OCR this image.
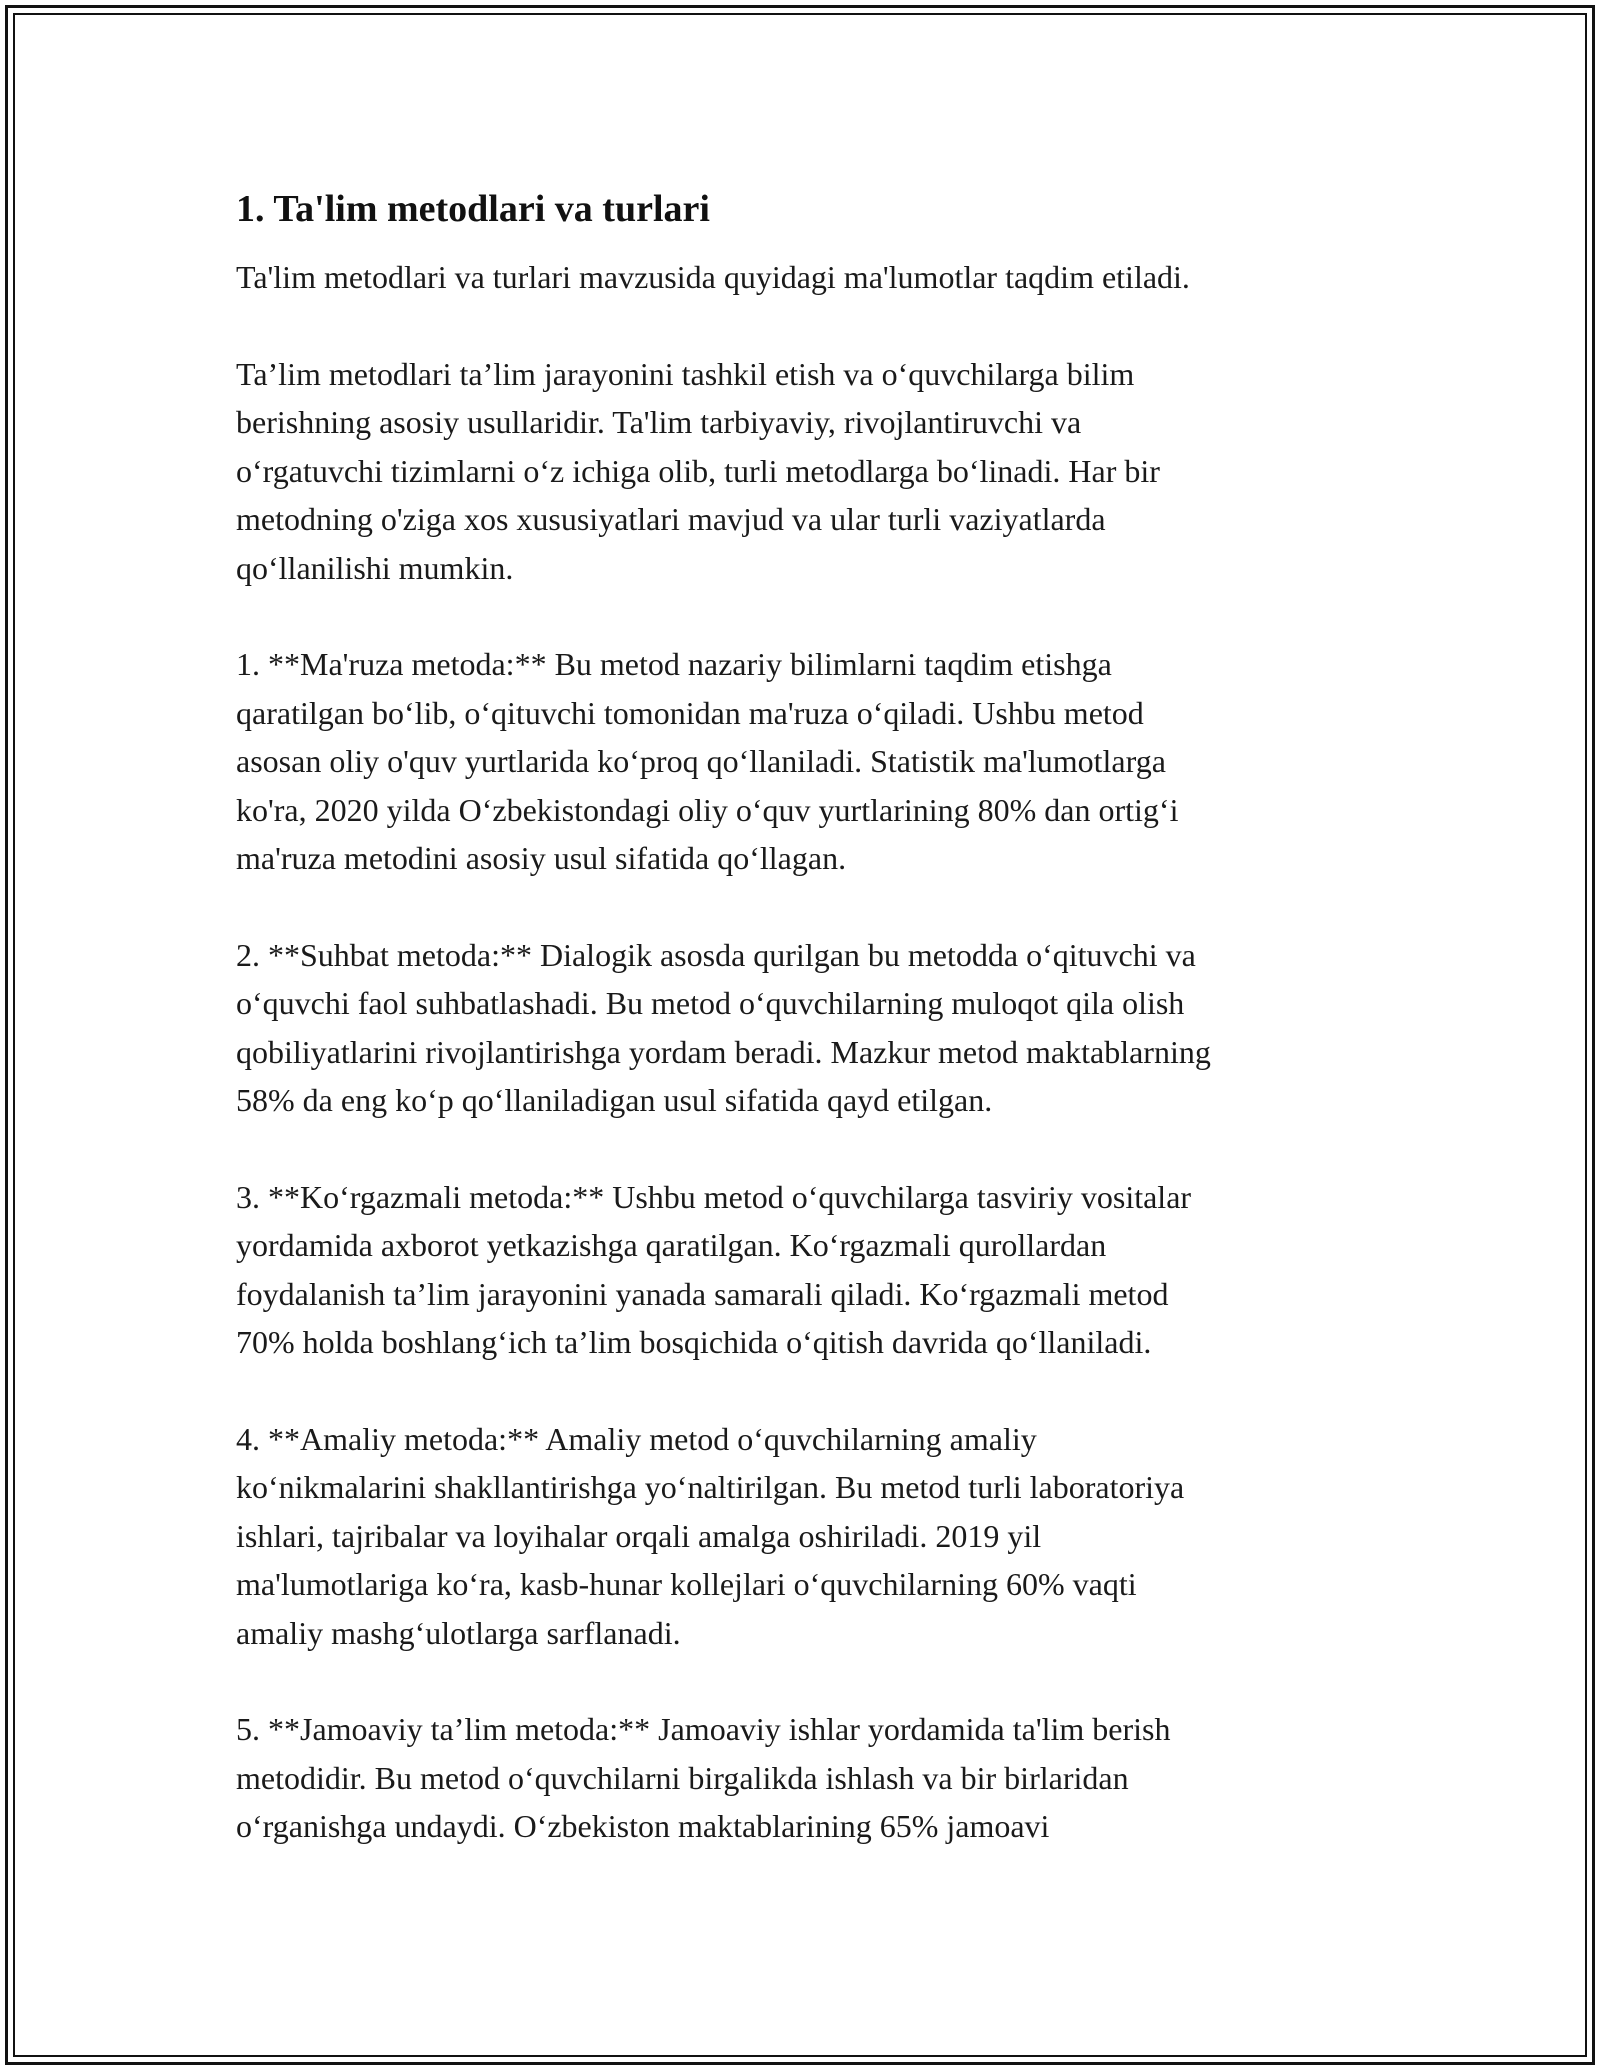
1. Ta'lim metodlari va turlari

Ta'lim metodlari va turlari mavzusida quyidagi ma'lumotlar taqdim etiladi.

Ta’lim metodlari ta’lim jarayonini tashkil etish va o‘quvchilarga bilim
berishning asosiy usullaridir. Ta'lim tarbiyaviy, rivojlantiruvchi va
o‘rgatuvchi tizimlarni o‘z ichiga olib, turli metodlarga bo‘linadi. Har bir
metodning o'ziga xos xususiyatlari mavjud va ular turli vaziyatlarda
qo‘llanilishi mumkin.

1. **Ma'ruza metoda:** Bu metod nazariy bilimlarni taqdim etishga
qaratilgan bo‘lib, o‘qituvchi tomonidan ma'ruza o‘qiladi. Ushbu metod
asosan oliy o'quv yurtlarida ko‘proq qo‘llaniladi. Statistik ma'lumotlarga
ko'ra, 2020 yilda O‘zbekistondagi oliy o‘quv yurtlarining 80% dan ortig‘i
ma'ruza metodini asosiy usul sifatida qo‘llagan.

2. **Suhbat metoda:** Dialogik asosda qurilgan bu metodda o‘qituvchi va
o‘quvchi faol suhbatlashadi. Bu metod o‘quvchilarning muloqot qila olish
qobiliyatlarini rivojlantirishga yordam beradi. Mazkur metod maktablarning
58% da eng ko‘p qo‘llaniladigan usul sifatida qayd etilgan.

3. **Ko‘rgazmali metoda:** Ushbu metod o‘quvchilarga tasviriy vositalar
yordamida axborot yetkazishga qaratilgan. Ko‘rgazmali qurollardan
foydalanish ta’lim jarayonini yanada samarali qiladi. Ko‘rgazmali metod
70% holda boshlang‘ich ta’lim bosqichida o‘qitish davrida qo‘llaniladi.

4. **Amaliy metoda:** Amaliy metod o‘quvchilarning amaliy
ko‘nikmalarini shakllantirishga yo‘naltirilgan. Bu metod turli laboratoriya
ishlari, tajribalar va loyihalar orqali amalga oshiriladi. 2019 yil
ma'lumotlariga ko‘ra, kasb-hunar kollejlari o‘quvchilarning 60% vaqti
amaliy mashg‘ulotlarga sarflanadi.

5. **Jamoaviy ta’lim metoda:** Jamoaviy ishlar yordamida ta'lim berish
metodidir. Bu metod o‘quvchilarni birgalikda ishlash va bir birlaridan
o‘rganishga undaydi. O‘zbekiston maktablarining 65% jamoavi
